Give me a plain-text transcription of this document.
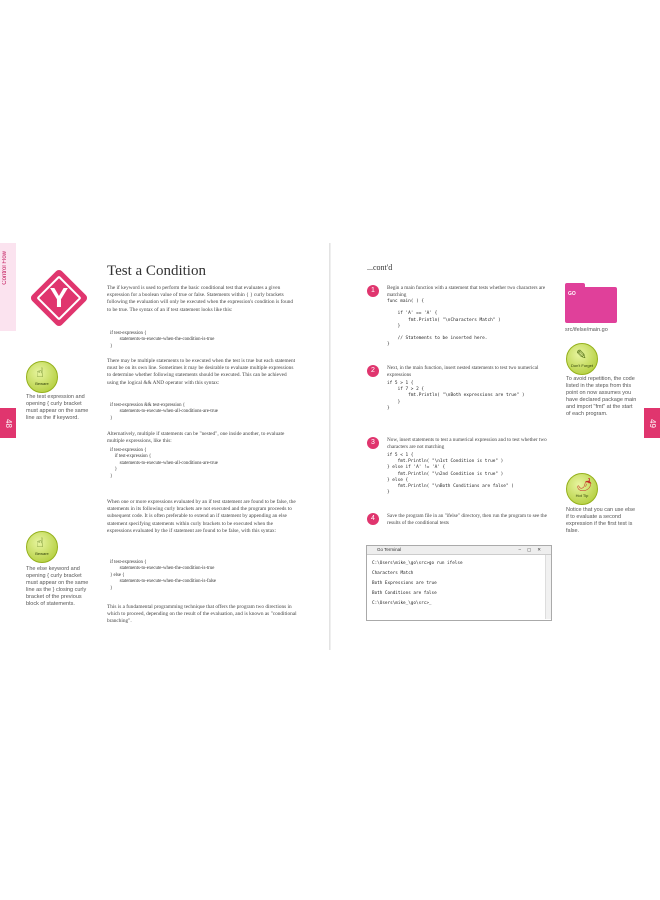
Control Flow
48
Y
☝
Beware
The test expression and opening { curly bracket must appear on the same line as the if keyword.
☝
Beware
The else keyword and opening { curly bracket must appear on the same line as the } closing curly bracket of the previous block of statements.
Test a Condition

The if keyword is used to perform the basic conditional test that evaluates a given expression for a boolean value of true or false. Statements within { } curly brackets following the evaluation will only be executed when the expression's condition is found to be true. The syntax of an if test statement looks like this:

if test-expression {
statements-to-execute-when-the-condition-is-true
}

There may be multiple statements to be executed when the test is true but each statement must be on its own line. Sometimes it may be desirable to evaluate multiple expressions to determine whether following statements should be executed. This can be achieved using the logical && AND operator with this syntax:

if test-expression && test-expression {
statements-to-execute-when-all-conditions-are-true
}

Alternatively, multiple if statements can be "nested", one inside another, to evaluate multiple expressions, like this:

if test-expression {
if test-expression {
statements-to-execute-when-all-conditions-are-true
}
}

When one or more expressions evaluated by an if test statement are found to be false, the statements in its following curly brackets are not executed and the program proceeds to subsequent code. It is often preferable to extend an if statement by appending an else statement specifying statements within curly brackets to be executed when the expressions evaluated by the if statement are found to be false, with this syntax:

if test-expression {
statements-to-execute-when-the-condition-is-true
} else {
statements-to-execute-when-the-condition-is-false
}

This is a fundamental programming technique that offers the program two directions in which to proceed, depending on the result of the evaluation, and is known as "conditional branching".

...cont'd
1	Begin a main function with a statement that tests whether two characters are matching

func main( ) {

if 'A' == 'A' {
fmt.Println( "\nCharacters Match" )
}

// Statements to be inserted here.
}
2	Next, in the main function, insert nested statements to test two numerical expressions

if 5 > 1 {
if 7 > 2 {
fmt.Println( "\nBoth expressions are true" )
}
}
3	Now, insert statements to test a numerical expression and to test whether two characters are not matching

if 5 < 1 {
fmt.Println( "\n1st Condition is true" )
} else if 'A' != 'A' {
fmt.Println( "\n2nd Condition is true" )
} else {
fmt.Println( "\nBoth Conditions are false" )
}
4	Save the program file in an "ifelse" directory, then run the program to see the results of the conditional tests

Go Terminal	–▢✕
C:\Users\mike_\go\src>go run ifelse
Characters Match
Both Expressions are true
Both Conditions are false
C:\Users\mike_\go\src>_
GO
src/ifelse/main.go
✎
Don't Forget
To avoid repetition, the code listed in the steps from this point on now assumes you have declared package main and import "fmt" at the start of each program.
🌶
Hot Tip
Notice that you can use else if to evaluate a second expression if the first test is false.
49
